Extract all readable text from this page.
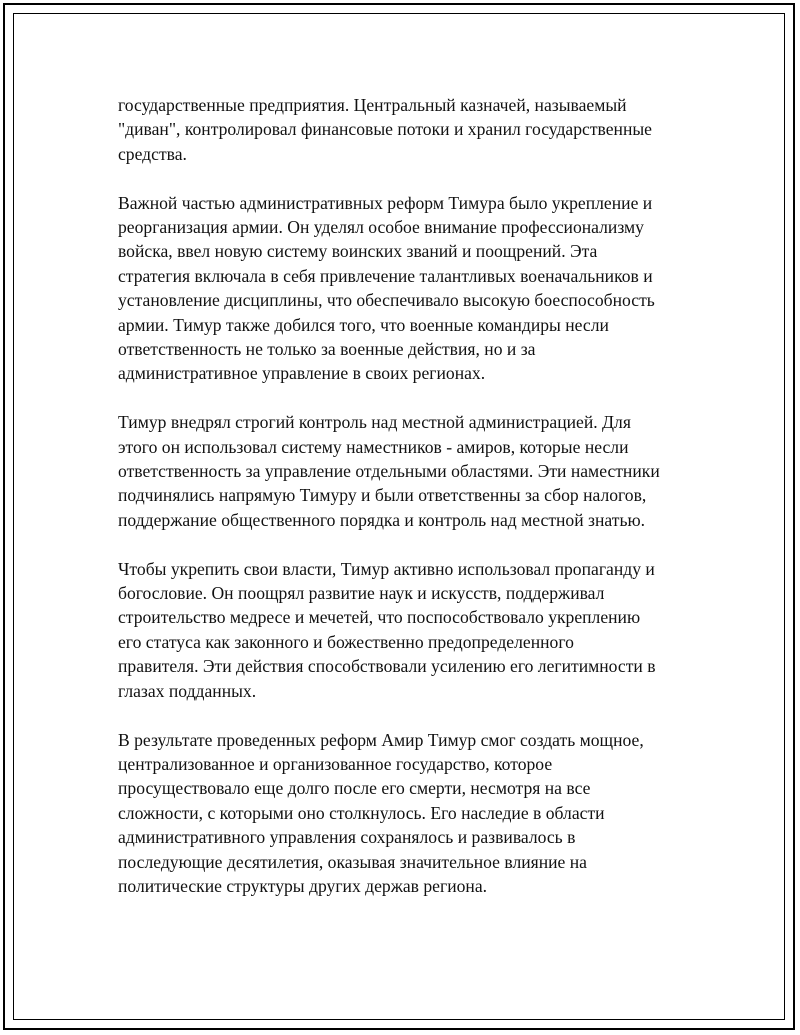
государственные предприятия. Центральный казначей, называемый
"диван", контролировал финансовые потоки и хранил государственные
средства.

Важной частью административных реформ Тимура было укрепление и
реорганизация армии. Он уделял особое внимание профессионализму
войска, ввел новую систему воинских званий и поощрений. Эта
стратегия включала в себя привлечение талантливых военачальников и
установление дисциплины, что обеспечивало высокую боеспособность
армии. Тимур также добился того, что военные командиры несли
ответственность не только за военные действия, но и за
административное управление в своих регионах.

Тимур внедрял строгий контроль над местной администрацией. Для
этого он использовал систему наместников - амиров, которые несли
ответственность за управление отдельными областями. Эти наместники
подчинялись напрямую Тимуру и были ответственны за сбор налогов,
поддержание общественного порядка и контроль над местной знатью.

Чтобы укрепить свои власти, Тимур активно использовал пропаганду и
богословие. Он поощрял развитие наук и искусств, поддерживал
строительство медресе и мечетей, что поспособствовало укреплению
его статуса как законного и божественно предопределенного
правителя. Эти действия способствовали усилению его легитимности в
глазах подданных.

В результате проведенных реформ Амир Тимур смог создать мощное,
централизованное и организованное государство, которое
просуществовало еще долго после его смерти, несмотря на все
сложности, с которыми оно столкнулось. Его наследие в области
административного управления сохранялось и развивалось в
последующие десятилетия, оказывая значительное влияние на
политические структуры других держав региона.
